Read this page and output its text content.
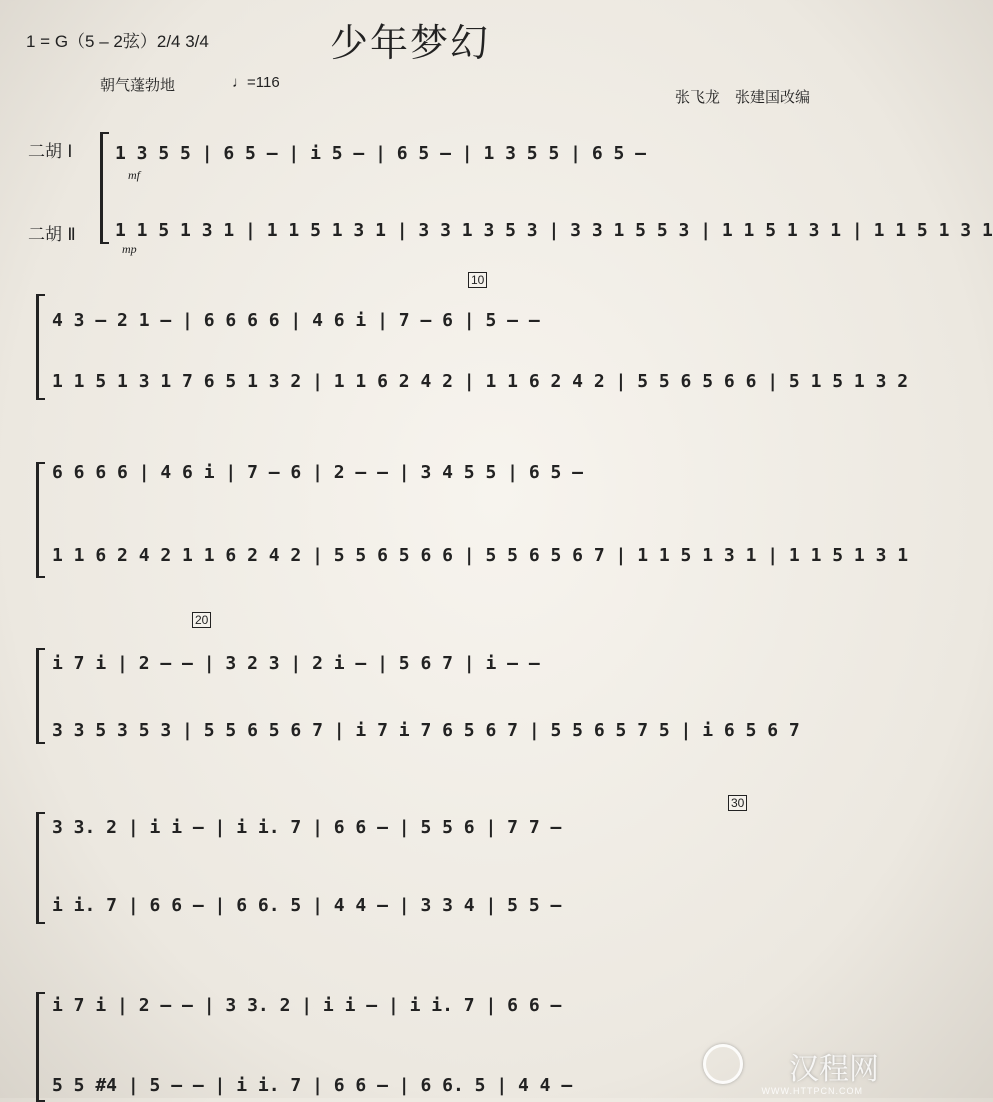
1 = G（5 – 2弦）2/4 3/4	少年梦幻
朝气蓬勃地	♩=116
张飞龙　张建国改编
二胡 Ⅰ
二胡 Ⅱ
1 3 5 5 | 6 5 – | i 5 – | 6 5 – | 1 3 5 5 | 6 5 –
1 1 5 1 3 1 | 1 1 5 1 3 1 | 3 3 1 3 5 3 | 3 3 1 5 5 3 | 1 1 5 1 3 1 | 1 1 5 1 3 1
mf
mp
10
4 3 – 2 1 – | 6 6 6 6 | 4 6 i | 7 – 6 | 5 – –
1 1 5 1 3 1 7 6 5 1 3 2 | 1 1 6 2 4 2 | 1 1 6 2 4 2 | 5 5 6 5 6 6 | 5 1 5 1 3 2
6 6 6 6 | 4 6 i | 7 – 6 | 2 – – | 3 4 5 5 | 6 5 –
1 1 6 2 4 2 1 1 6 2 4 2 | 5 5 6 5 6 6 | 5 5 6 5 6 7 | 1 1 5 1 3 1 | 1 1 5 1 3 1
20
i 7 i | 2 – – | 3 2 3 | 2 i – | 5 6 7 | i – –
3 3 5 3 5 3 | 5 5 6 5 6 7 | i 7 i 7 6 5 6 7 | 5 5 6 5 7 5 | i 6 5 6 7
30
3 3. 2 | i i – | i i. 7 | 6 6 – | 5 5 6 | 7 7 –
i i. 7 | 6 6 – | 6 6. 5 | 4 4 – | 3 3 4 | 5 5 –
i 7 i | 2 – – | 3 3. 2 | i i – | i i. 7 | 6 6 –
5 5 #4 | 5 – – | i i. 7 | 6 6 – | 6 6. 5 | 4 4 –	汉程网
WWW.HTTPCN.COM
